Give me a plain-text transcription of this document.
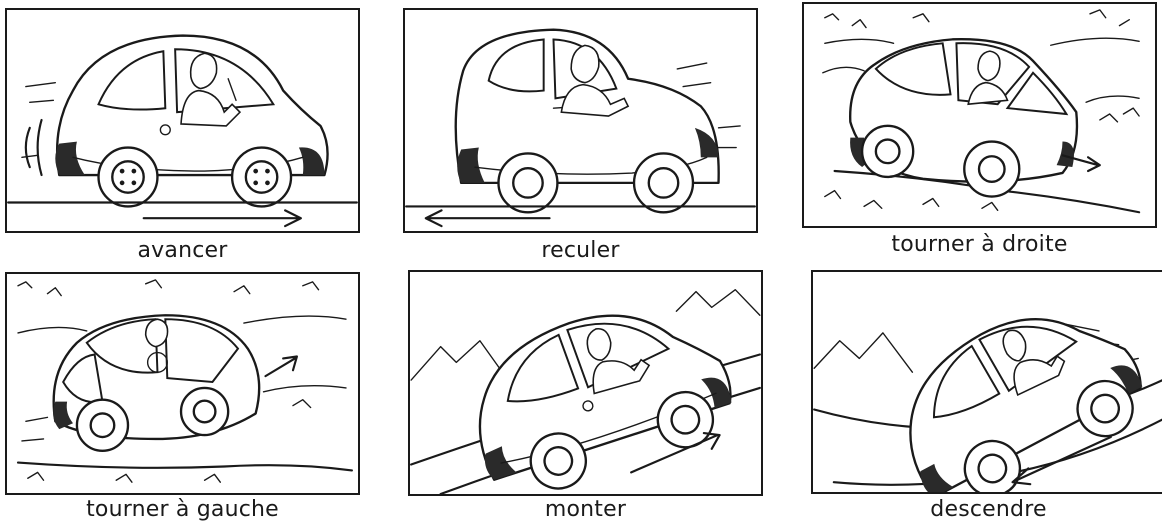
avancer	reculer	tourner à droite
tourner à gauche	monter	descendre
